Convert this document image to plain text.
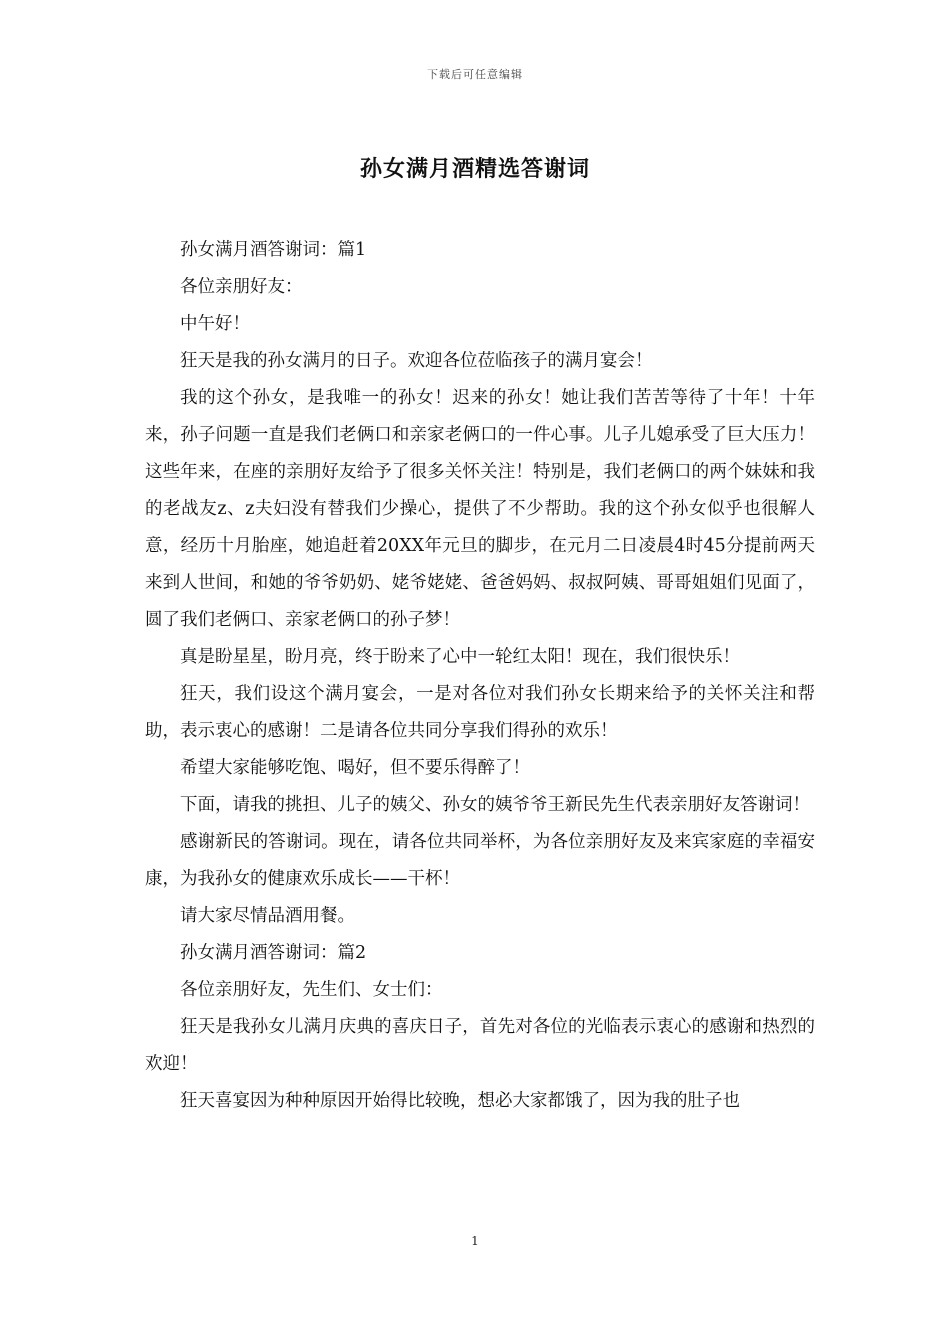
下载后可任意编辑
孙女满月酒精选答谢词

孙女满月酒答谢词：篇1

各位亲朋好友：

中午好！

狂天是我的孙女满月的日子。欢迎各位莅临孩子的满月宴会！

我的这个孙女，是我唯一的孙女！迟来的孙女！她让我们苦苦等待了十年！十年来，孙子问题一直是我们老俩口和亲家老俩口的一件心事。儿子儿媳承受了巨大压力！这些年来，在座的亲朋好友给予了很多关怀关注！特别是，我们老俩口的两个妹妹和我的老战友z、z夫妇没有替我们少操心，提供了不少帮助。我的这个孙女似乎也很解人意，经历十月胎座，她追赶着20XX年元旦的脚步，在元月二日凌晨4时45分提前两天来到人世间，和她的爷爷奶奶、姥爷姥姥、爸爸妈妈、叔叔阿姨、哥哥姐姐们见面了，圆了我们老俩口、亲家老俩口的孙子梦！

真是盼星星，盼月亮，终于盼来了心中一轮红太阳！现在，我们很快乐！

狂天，我们设这个满月宴会，一是对各位对我们孙女长期来给予的关怀关注和帮助，表示衷心的感谢！二是请各位共同分享我们得孙的欢乐！

希望大家能够吃饱、喝好，但不要乐得醉了！

下面，请我的挑担、儿子的姨父、孙女的姨爷爷王新民先生代表亲朋好友答谢词！

感谢新民的答谢词。现在，请各位共同举杯，为各位亲朋好友及来宾家庭的幸福安康，为我孙女的健康欢乐成长——干杯！

请大家尽情品酒用餐。

孙女满月酒答谢词：篇2

各位亲朋好友，先生们、女士们：

狂天是我孙女儿满月庆典的喜庆日子，首先对各位的光临表示衷心的感谢和热烈的欢迎！

狂天喜宴因为种种原因开始得比较晚，想必大家都饿了，因为我的肚子也

1
